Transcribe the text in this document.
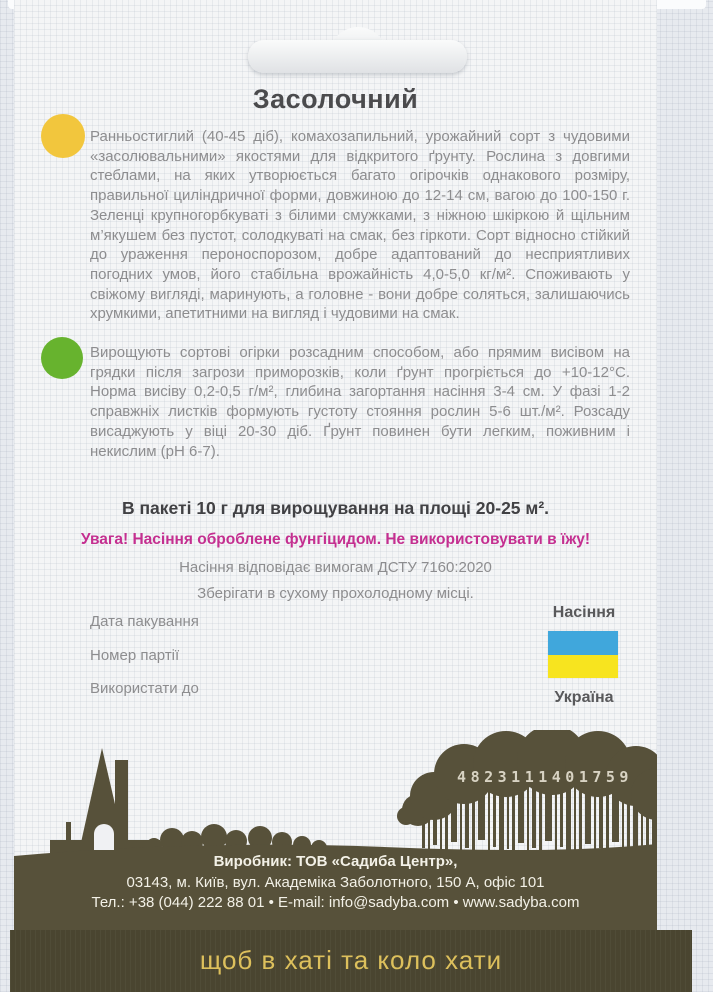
Засолочний

Ранньостиглий (40-45 діб), комахозапильний, урожайний сорт з чудовими «засолювальними» якостями для відкритого ґрунту. Рослина з довгими стеблами, на яких утворюється багато огірочків однакового розміру, правильної циліндричної форми, довжиною до 12-14 см, вагою до 100-150 г. Зеленці крупногорбкуваті з білими смужками, з ніжною шкіркою й щільним м’якушем без пустот, солодкуваті на смак, без гіркоти. Сорт відносно стійкий до ураження пероноспорозом, добре адаптований до несприятливих погодних умов, його стабільна врожайність 4,0-5,0 кг/м². Споживають у свіжому вигляді, маринують, а головне - вони добре соляться, залишаючись хрумкими, апетитними на вигляд і чудовими на смак.

Вирощують сортові огірки розсадним способом, або прямим висівом на грядки після загрози приморозків, коли ґрунт прогріється до +10-12°С. Норма висіву 0,2-0,5 г/м², глибина загортання насіння 3-4 см. У фазі 1-2 справжніх листків формують густоту стояння рослин 5-6 шт./м². Розсаду висаджують у віці 20-30 діб. Ґрунт повинен бути легким, поживним і некислим (pH 6-7).

В пакеті 10 г для вирощування на площі 20-25 м².
Увага! Насіння оброблене фунгіцидом. Не використовувати в їжу!
Насіння відповідає вимогам ДСТУ 7160:2020
Зберігати в сухому прохолодному місці.
Дата пакування
Номер партії
Використати до
Насіння
Україна
4823111401759
Виробник: ТОВ «Садиба Центр»,
03143, м. Київ, вул. Академіка Заболотного, 150 А, офіс 101
Тел.: +38 (044) 222 88 01 • E-mail: info@sadyba.com • www.sadyba.com
щоб в хаті та коло хати
